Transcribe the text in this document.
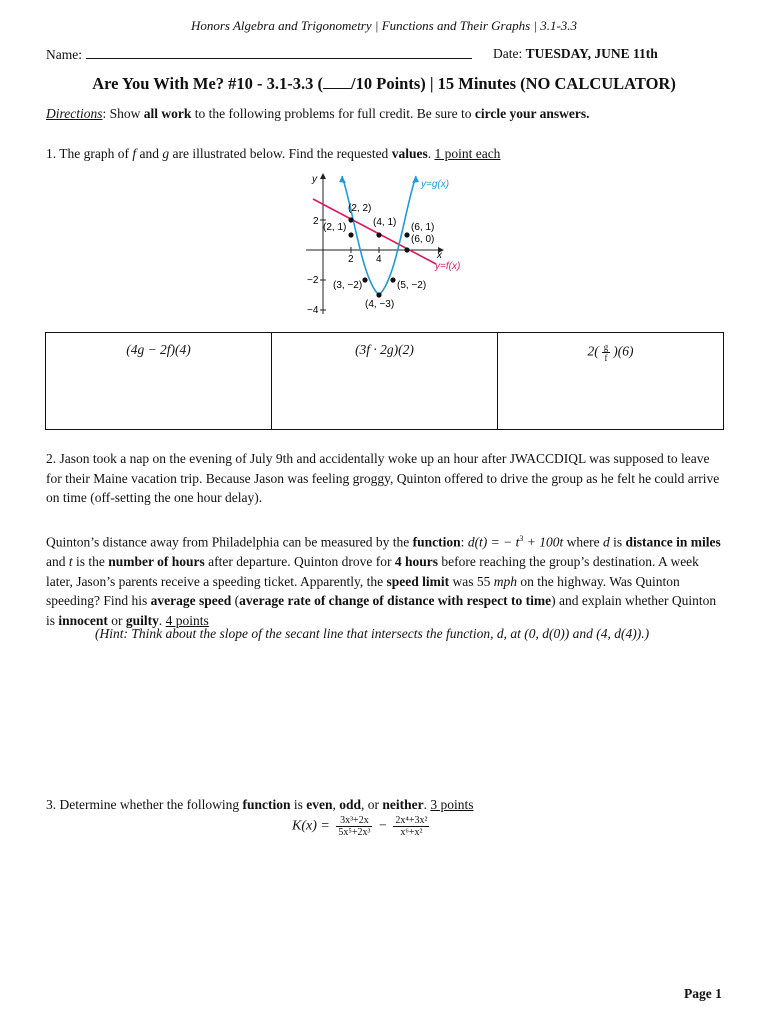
Honors Algebra and Trigonometry | Functions and Their Graphs | 3.1-3.3
Name:	Date: TUESDAY, JUNE 11th
Are You With Me? #10 - 3.1-3.3 ( /10 Points) | 15 Minutes (NO CALCULATOR)
Directions: Show all work to the following problems for full credit. Be sure to circle your answers.
1. The graph of f and g are illustrated below. Find the requested values. 1 point each
y
x
2
−2
−4
2 4
(2, 2)
(2, 1)	(4, 1) (6, 1)
(6, 0)
(3, −2)	(5, −2)
(4, −3)
y=g(x)
y=f(x)
(4g − 2f)(4)	(3f · 2g)(2)	$2( \frac{g}{f} )(6)$
2. Jason took a nap on the evening of July 9th and accidentally woke up an hour after JWACCDIQL was supposed to leave for their Maine vacation trip. Because Jason was feeling groggy, Quinton offered to drive the group as he felt he could arrive on time (off-setting the one hour delay).
Quinton’s distance away from Philadelphia can be measured by the function: d(t) = − $t^3 + 100t$ where d is distance in miles and t is the number of hours after departure. Quinton drove for 4 hours before reaching the group’s destination. A week later, Jason’s parents receive a speeding ticket. Apparently, the speed limit was 55 mph on the highway. Was Quinton speeding? Find his average speed (average rate of change of distance with respect to time) and explain whether Quinton is innocent or guilty. 4 points
(Hint: Think about the slope of the secant line that intersects the function, d, at (0, d(0)) and (4, d(4)).)
3. Determine whether the following function is even, odd, or neither. 3 points
$K(x) = \frac{\text{3x³+2x}}{\text{5x⁵+2x³}} - \frac{\text{2x⁴+3x²}}{\text{x⁶+x²}}$
Page 1
